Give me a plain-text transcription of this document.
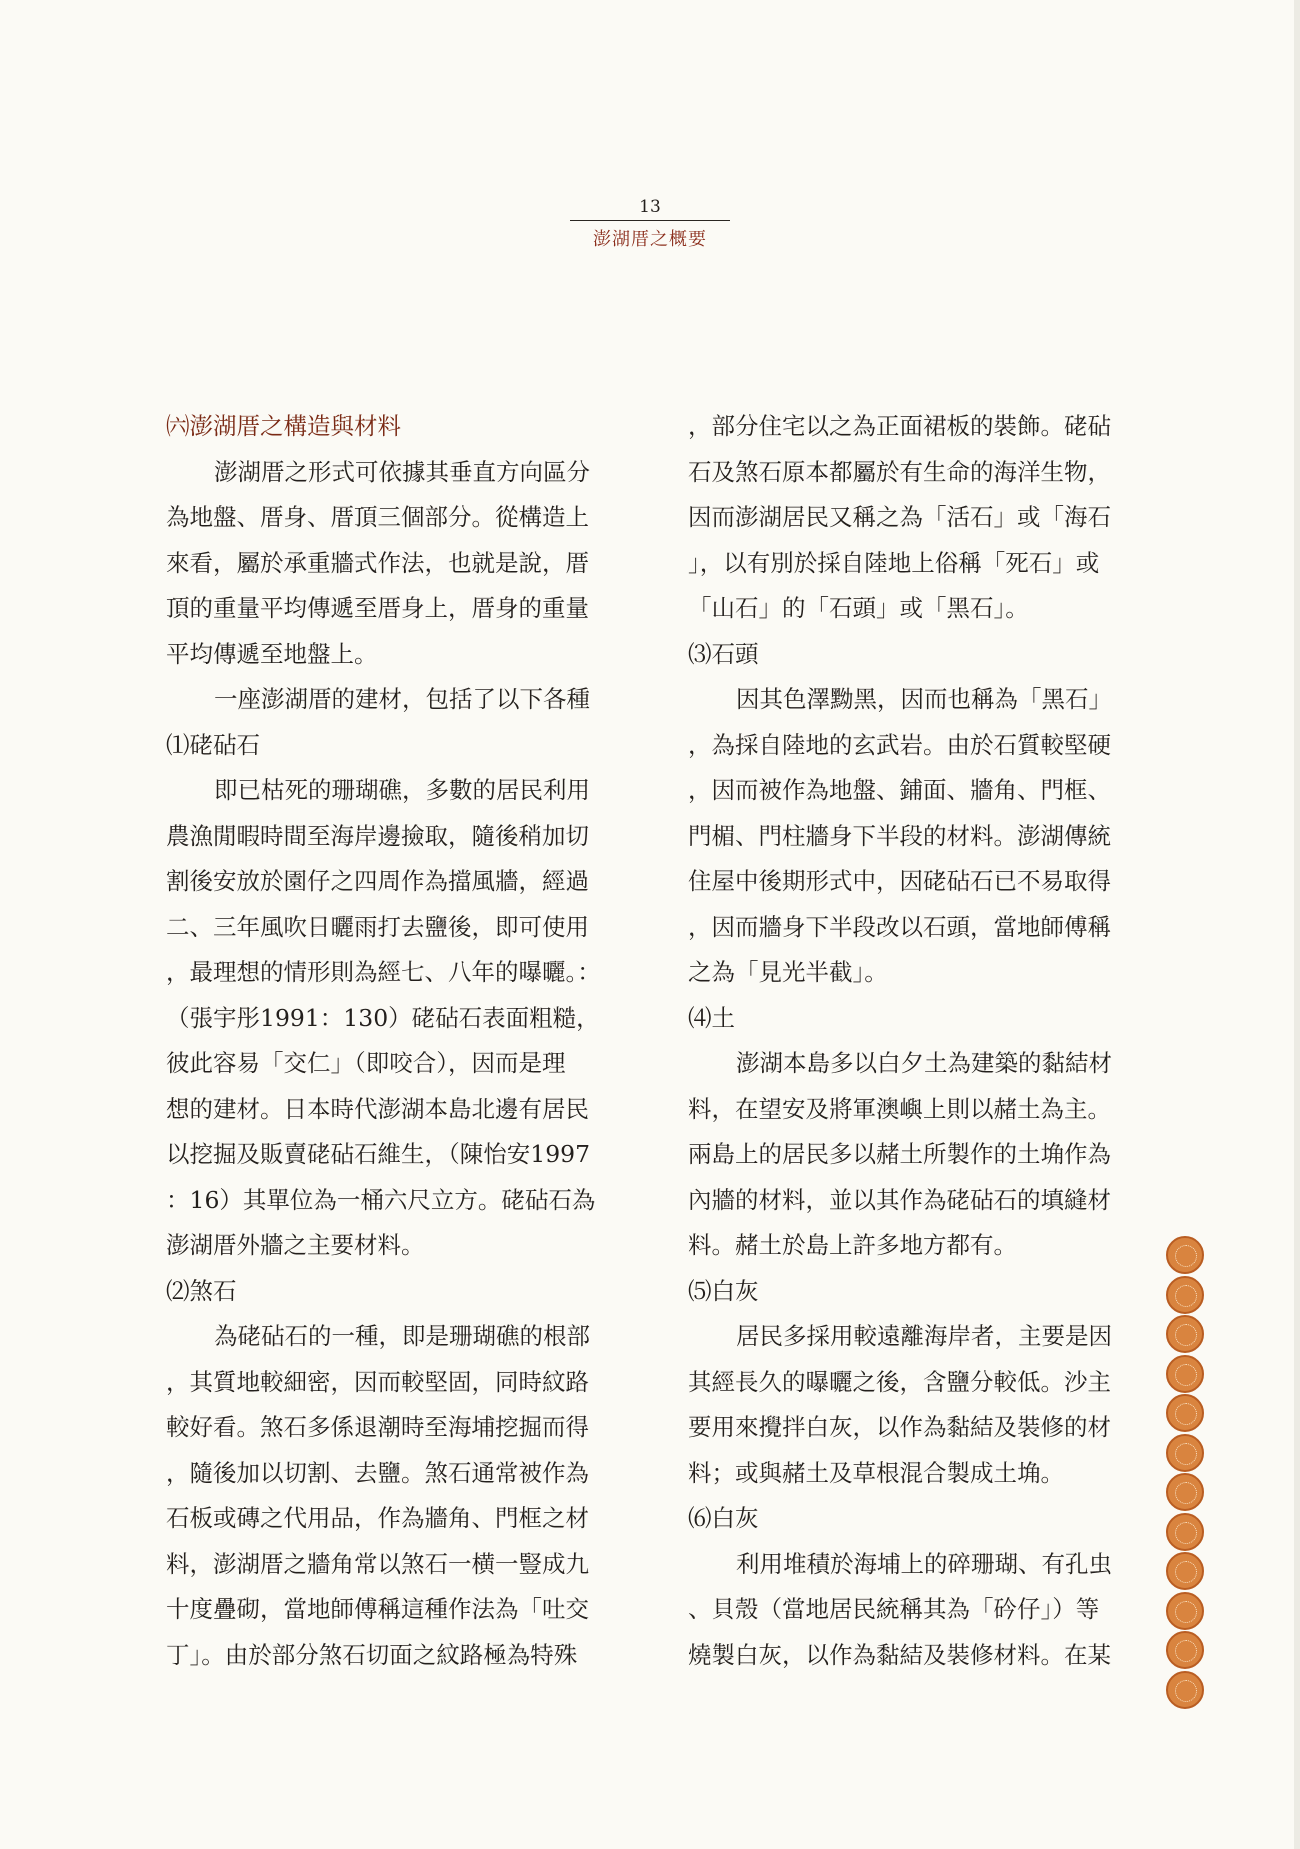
13
澎湖厝之概要
㈥澎湖厝之構造與材料
澎湖厝之形式可依據其垂直方向區分
為地盤、厝身、厝頂三個部分。從構造上
來看，屬於承重牆式作法，也就是說，厝
頂的重量平均傳遞至厝身上，厝身的重量
平均傳遞至地盤上。
一座澎湖厝的建材，包括了以下各種
⑴硓砧石
即已枯死的珊瑚礁，多數的居民利用
農漁閒暇時間至海岸邊撿取，隨後稍加切
割後安放於園仔之四周作為擋風牆，經過
二、三年風吹日曬雨打去鹽後，即可使用
，最理想的情形則為經七、八年的曝曬。：
（張宇彤1991：130）硓砧石表面粗糙，
彼此容易「交仁」（即咬合），因而是理
想的建材。日本時代澎湖本島北邊有居民
以挖掘及販賣硓砧石維生，（陳怡安1997
：16）其單位為一桶六尺立方。硓砧石為
澎湖厝外牆之主要材料。
⑵煞石
為硓砧石的一種，即是珊瑚礁的根部
，其質地較細密，因而較堅固，同時紋路
較好看。煞石多係退潮時至海埔挖掘而得
，隨後加以切割、去鹽。煞石通常被作為
石板或磚之代用品，作為牆角、門框之材
料，澎湖厝之牆角常以煞石一横一豎成九
十度疊砌，當地師傅稱這種作法為「吐交
丁」。由於部分煞石切面之紋路極為特殊
，部分住宅以之為正面裙板的裝飾。硓砧
石及煞石原本都屬於有生命的海洋生物，
因而澎湖居民又稱之為「活石」或「海石
」，以有別於採自陸地上俗稱「死石」或
「山石」的「石頭」或「黑石」。
⑶石頭
因其色澤黝黑，因而也稱為「黑石」
，為採自陸地的玄武岩。由於石質較堅硬
，因而被作為地盤、鋪面、牆角、門框、
門楣、門柱牆身下半段的材料。澎湖傳統
住屋中後期形式中，因硓砧石已不易取得
，因而牆身下半段改以石頭，當地師傅稱
之為「見光半截」。
⑷土
澎湖本島多以白夕土為建築的黏結材
料，在望安及將軍澳嶼上則以赭土為主。
兩島上的居民多以赭土所製作的土埆作為
內牆的材料，並以其作為硓砧石的填縫材
料。赭土於島上許多地方都有。
⑸白灰
居民多採用較遠離海岸者，主要是因
其經長久的曝曬之後，含鹽分較低。沙主
要用來攪拌白灰，以作為黏結及裝修的材
料；或與赭土及草根混合製成土埆。
⑹白灰
利用堆積於海埔上的碎珊瑚、有孔虫
、貝殼（當地居民統稱其為「砛仔」）等
燒製白灰，以作為黏結及裝修材料。在某
